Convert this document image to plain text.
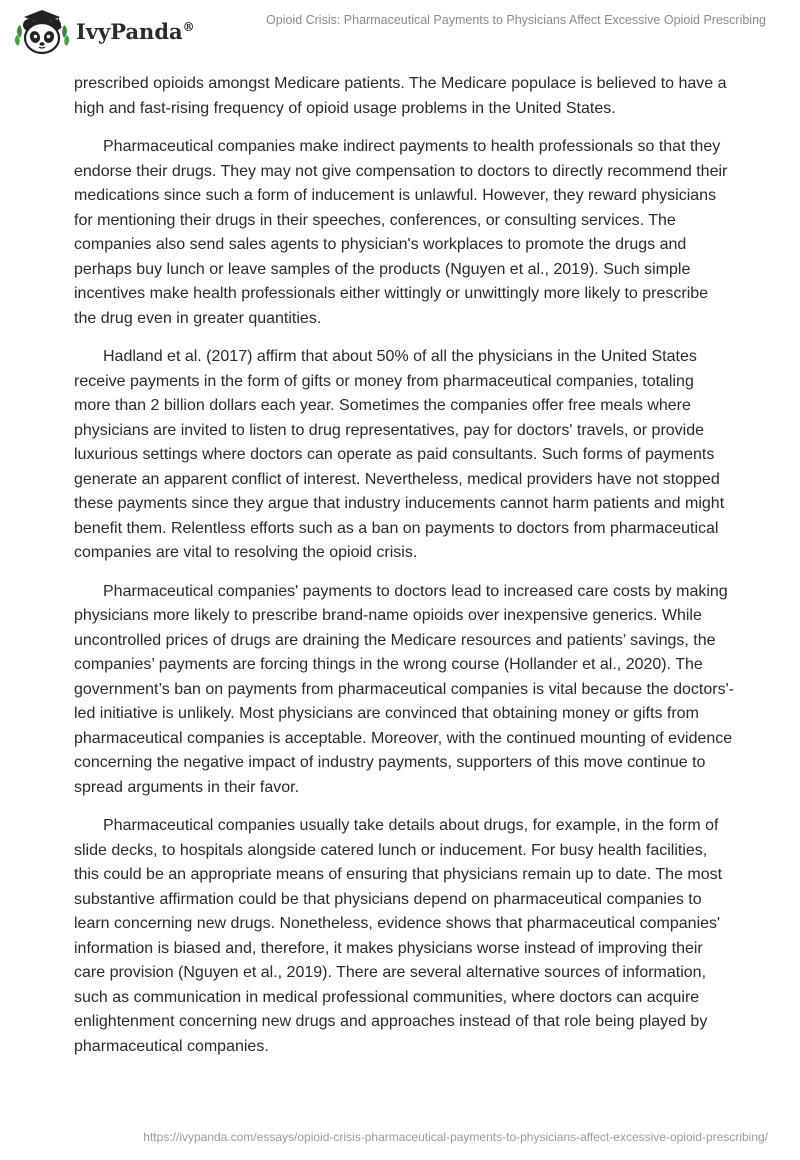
IvyPanda®	Opioid Crisis: Pharmaceutical Payments to Physicians Affect Excessive Opioid Prescribing

prescribed opioids amongst Medicare patients. The Medicare populace is believed to have a high and fast-rising frequency of opioid usage problems in the United States.

Pharmaceutical companies make indirect payments to health professionals so that they endorse their drugs. They may not give compensation to doctors to directly recommend their medications since such a form of inducement is unlawful. However, they reward physicians for mentioning their drugs in their speeches, conferences, or consulting services. The companies also send sales agents to physician's workplaces to promote the drugs and perhaps buy lunch or leave samples of the products (Nguyen et al., 2019). Such simple incentives make health professionals either wittingly or unwittingly more likely to prescribe the drug even in greater quantities.

Hadland et al. (2017) affirm that about 50% of all the physicians in the United States receive payments in the form of gifts or money from pharmaceutical companies, totaling more than 2 billion dollars each year. Sometimes the companies offer free meals where physicians are invited to listen to drug representatives, pay for doctors' travels, or provide luxurious settings where doctors can operate as paid consultants. Such forms of payments generate an apparent conflict of interest. Nevertheless, medical providers have not stopped these payments since they argue that industry inducements cannot harm patients and might benefit them. Relentless efforts such as a ban on payments to doctors from pharmaceutical companies are vital to resolving the opioid crisis.

Pharmaceutical companies' payments to doctors lead to increased care costs by making physicians more likely to prescribe brand-name opioids over inexpensive generics. While uncontrolled prices of drugs are draining the Medicare resources and patients’ savings, the companies’ payments are forcing things in the wrong course (Hollander et al., 2020). The government’s ban on payments from pharmaceutical companies is vital because the doctors'-led initiative is unlikely. Most physicians are convinced that obtaining money or gifts from pharmaceutical companies is acceptable. Moreover, with the continued mounting of evidence concerning the negative impact of industry payments, supporters of this move continue to spread arguments in their favor.

Pharmaceutical companies usually take details about drugs, for example, in the form of slide decks, to hospitals alongside catered lunch or inducement. For busy health facilities, this could be an appropriate means of ensuring that physicians remain up to date. The most substantive affirmation could be that physicians depend on pharmaceutical companies to learn concerning new drugs. Nonetheless, evidence shows that pharmaceutical companies' information is biased and, therefore, it makes physicians worse instead of improving their care provision (Nguyen et al., 2019). There are several alternative sources of information, such as communication in medical professional communities, where doctors can acquire enlightenment concerning new drugs and approaches instead of that role being played by pharmaceutical companies.

https://ivypanda.com/essays/opioid-crisis-pharmaceutical-payments-to-physicians-affect-excessive-opioid-prescribing/
